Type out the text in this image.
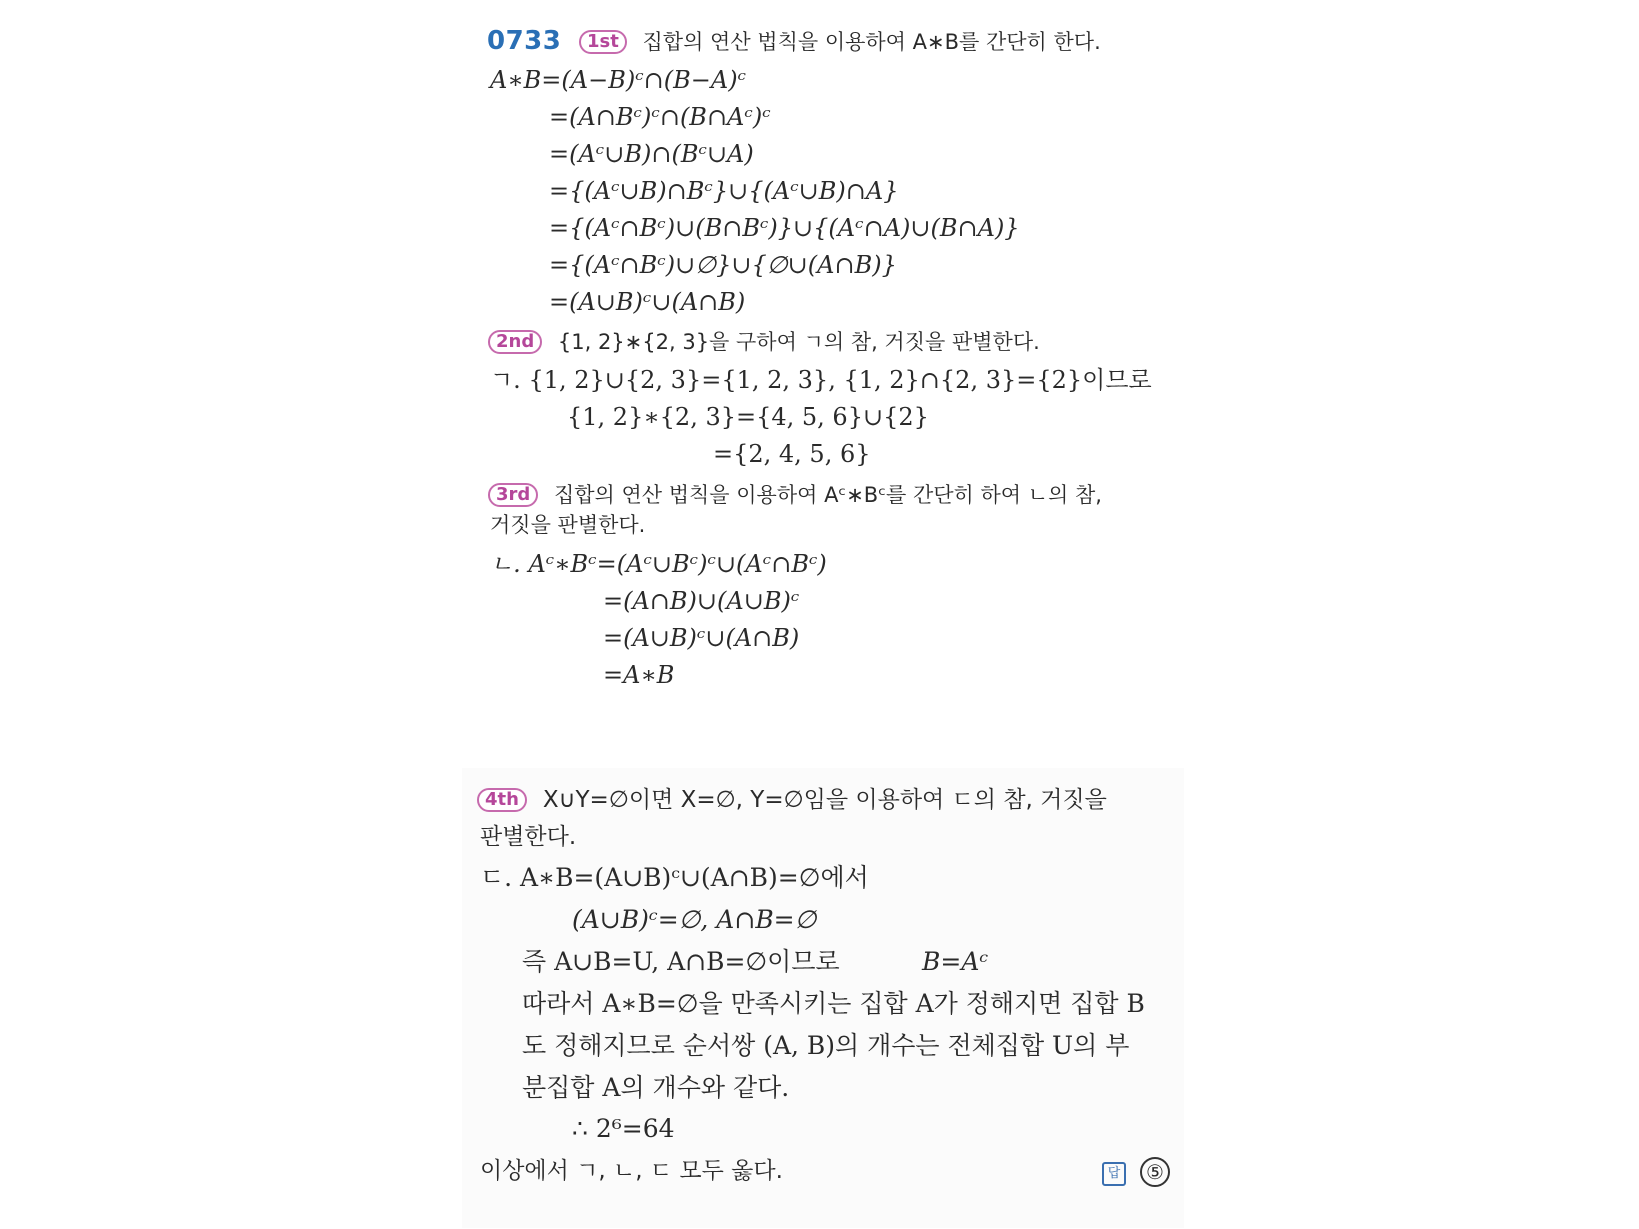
0733 1st 집합의 연산 법칙을 이용하여 A∗B를 간단히 한다.
A∗B=(A−B)ᶜ∩(B−A)ᶜ
=(A∩Bᶜ)ᶜ∩(B∩Aᶜ)ᶜ
=(Aᶜ∪B)∩(Bᶜ∪A)
={(Aᶜ∪B)∩Bᶜ}∪{(Aᶜ∪B)∩A}
={(Aᶜ∩Bᶜ)∪(B∩Bᶜ)}∪{(Aᶜ∩A)∪(B∩A)}
={(Aᶜ∩Bᶜ)∪∅}∪{∅∪(A∩B)}
=(A∪B)ᶜ∪(A∩B)
2nd {1, 2}∗{2, 3}을 구하여 ㄱ의 참, 거짓을 판별한다.
ㄱ. {1, 2}∪{2, 3}={1, 2, 3}, {1, 2}∩{2, 3}={2}이므로
{1, 2}∗{2, 3}={4, 5, 6}∪{2}
={2, 4, 5, 6}
3rd 집합의 연산 법칙을 이용하여 Aᶜ∗Bᶜ를 간단히 하여 ㄴ의 참,
거짓을 판별한다.
ㄴ. Aᶜ∗Bᶜ=(Aᶜ∪Bᶜ)ᶜ∪(Aᶜ∩Bᶜ)
=(A∩B)∪(A∪B)ᶜ
=(A∪B)ᶜ∪(A∩B)
=A∗B
4th X∪Y=∅이면 X=∅, Y=∅임을 이용하여 ㄷ의 참, 거짓을
판별한다.
ㄷ. A∗B=(A∪B)ᶜ∪(A∩B)=∅에서
(A∪B)ᶜ=∅, A∩B=∅
즉 A∪B=U, A∩B=∅이므로	B=Aᶜ
따라서 A∗B=∅을 만족시키는 집합 A가 정해지면 집합 B
도 정해지므로 순서쌍 (A, B)의 개수는 전체집합 U의 부
분집합 A의 개수와 같다.
∴ 2⁶=64
이상에서 ㄱ, ㄴ, ㄷ 모두 옳다.	답 ⑤
